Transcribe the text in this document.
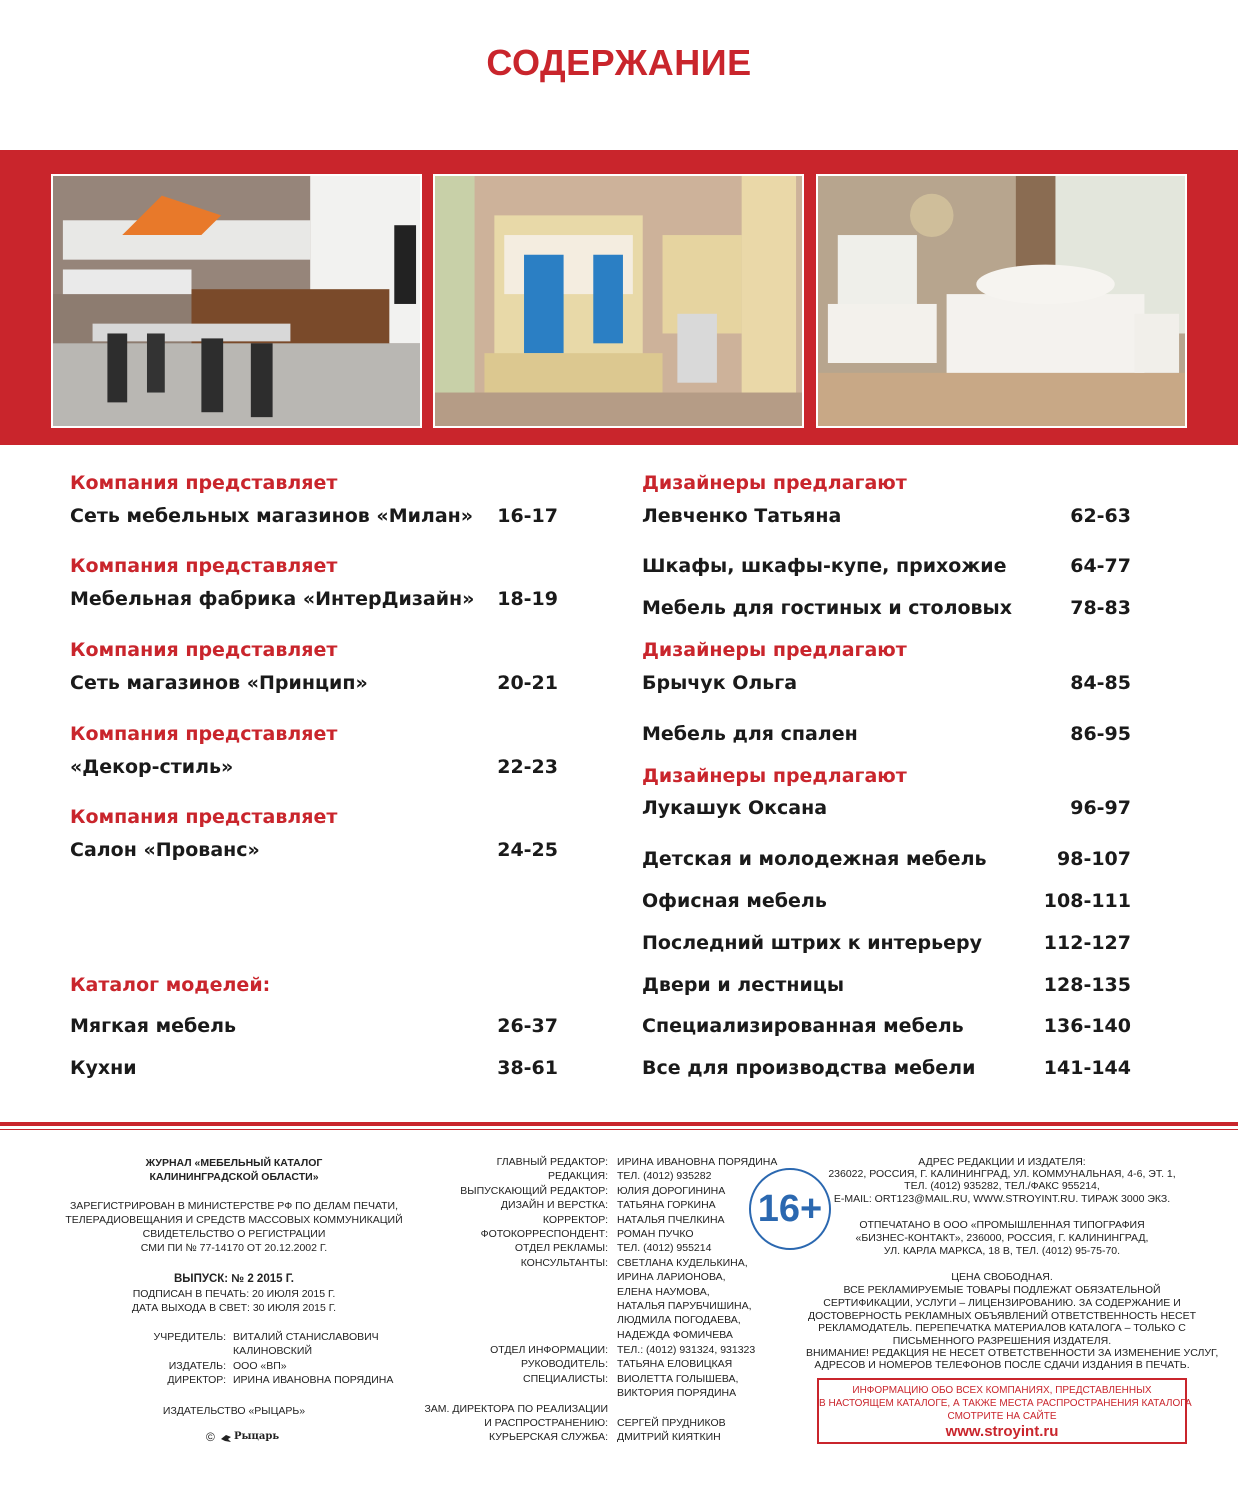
СОДЕРЖАНИЕ
Компания представляет
Сеть мебельных магазинов «Милан»	16-17
Компания представляет
Мебельная фабрика «ИнтерДизайн»	18-19
Компания представляет
Сеть магазинов «Принцип»	20-21
Компания представляет
«Декор-стиль»	22-23
Компания представляет
Салон «Прованс»	24-25
Каталог моделей:
Мягкая мебель	26-37
Кухни	38-61
Дизайнеры предлагают
Левченко Татьяна	62-63
Шкафы, шкафы-купе, прихожие	64-77
Мебель для гостиных и столовых	78-83
Дизайнеры предлагают
Брычук Ольга	84-85
Мебель для спален	86-95
Дизайнеры предлагают
Лукашук Оксана	96-97
Детская и молодежная мебель	98-107
Офисная мебель	108-111
Последний штрих к интерьеру	112-127
Двери и лестницы	128-135
Специализированная мебель	136-140
Все для производства мебели	141-144
ЖУРНАЛ «МЕБЕЛЬНЫЙ КАТАЛОГ
КАЛИНИНГРАДСКОЙ ОБЛАСТИ»
ЗАРЕГИСТРИРОВАН В МИНИСТЕРСТВЕ РФ ПО ДЕЛАМ ПЕЧАТИ,
ТЕЛЕРАДИОВЕЩАНИЯ И СРЕДСТВ МАССОВЫХ КОММУНИКАЦИЙ
СВИДЕТЕЛЬСТВО О РЕГИСТРАЦИИ
СМИ ПИ № 77-14170 ОТ 20.12.2002 Г.
ВЫПУСК: № 2 2015 Г.
ПОДПИСАН В ПЕЧАТЬ: 20 ИЮЛЯ 2015 Г.
ДАТА ВЫХОДА В СВЕТ: 30 ИЮЛЯ 2015 Г.
УЧРЕДИТЕЛЬ: ВИТАЛИЙ СТАНИСЛАВОВИЧ
КАЛИНОВСКИЙ
ИЗДАТЕЛЬ: ООО «ВП»
ДИРЕКТОР: ИРИНА ИВАНОВНА ПОРЯДИНА
ИЗДАТЕЛЬСТВО «РЫЦАРЬ»
© Рыцарь
ГЛАВНЫЙ РЕДАКТОР: ИРИНА ИВАНОВНА ПОРЯДИНА
РЕДАКЦИЯ: ТЕЛ. (4012) 935282
ВЫПУСКАЮЩИЙ РЕДАКТОР: ЮЛИЯ ДОРОГИНИНА
ДИЗАЙН И ВЕРСТКА: ТАТЬЯНА ГОРКИНА
КОРРЕКТОР: НАТАЛЬЯ ПЧЕЛКИНА
ФОТОКОРРЕСПОНДЕНТ: РОМАН ПУЧКО
ОТДЕЛ РЕКЛАМЫ: ТЕЛ. (4012) 955214
КОНСУЛЬТАНТЫ: СВЕТЛАНА КУДЕЛЬКИНА,
ИРИНА ЛАРИОНОВА,
ЕЛЕНА НАУМОВА,
НАТАЛЬЯ ПАРУБЧИШИНА,
ЛЮДМИЛА ПОГОДАЕВА,
НАДЕЖДА ФОМИЧЕВА
ОТДЕЛ ИНФОРМАЦИИ: ТЕЛ.: (4012) 931324, 931323
РУКОВОДИТЕЛЬ: ТАТЬЯНА ЕЛОВИЦКАЯ
СПЕЦИАЛИСТЫ: ВИОЛЕТТА ГОЛЫШЕВА,
ВИКТОРИЯ ПОРЯДИНА
ЗАМ. ДИРЕКТОРА ПО РЕАЛИЗАЦИИ
И РАСПРОСТРАНЕНИЮ: СЕРГЕЙ ПРУДНИКОВ
КУРЬЕРСКАЯ СЛУЖБА: ДМИТРИЙ КИЯТКИН
16+
АДРЕС РЕДАКЦИИ И ИЗДАТЕЛЯ:
236022, РОССИЯ, Г. КАЛИНИНГРАД, УЛ. КОММУНАЛЬНАЯ, 4-6, ЭТ. 1,
ТЕЛ. (4012) 935282, ТЕЛ./ФАКС 955214,
E-MAIL: ORT123@MAIL.RU, WWW.STROYINT.RU. ТИРАЖ 3000 ЭКЗ.
ОТПЕЧАТАНО В ООО «ПРОМЫШЛЕННАЯ ТИПОГРАФИЯ
«БИЗНЕС-КОНТАКТ», 236000, РОССИЯ, Г. КАЛИНИНГРАД,
УЛ. КАРЛА МАРКСА, 18 В, ТЕЛ. (4012) 95-75-70.
ЦЕНА СВОБОДНАЯ.
ВСЕ РЕКЛАМИРУЕМЫЕ ТОВАРЫ ПОДЛЕЖАТ ОБЯЗАТЕЛЬНОЙ
СЕРТИФИКАЦИИ, УСЛУГИ – ЛИЦЕНЗИРОВАНИЮ. ЗА СОДЕРЖАНИЕ И
ДОСТОВЕРНОСТЬ РЕКЛАМНЫХ ОБЪЯВЛЕНИЙ ОТВЕТСТВЕННОСТЬ НЕСЕТ
РЕКЛАМОДАТЕЛЬ. ПЕРЕПЕЧАТКА МАТЕРИАЛОВ КАТАЛОГА – ТОЛЬКО С
ПИСЬМЕННОГО РАЗРЕШЕНИЯ ИЗДАТЕЛЯ.
ВНИМАНИЕ! РЕДАКЦИЯ НЕ НЕСЕТ ОТВЕТСТВЕННОСТИ ЗА ИЗМЕНЕНИЕ УСЛУГ,
АДРЕСОВ И НОМЕРОВ ТЕЛЕФОНОВ ПОСЛЕ СДАЧИ ИЗДАНИЯ В ПЕЧАТЬ.
ИНФОРМАЦИЮ ОБО ВСЕХ КОМПАНИЯХ, ПРЕДСТАВЛЕННЫХ
В НАСТОЯЩЕМ КАТАЛОГЕ, А ТАКЖЕ МЕСТА РАСПРОСТРАНЕНИЯ КАТАЛОГА
СМОТРИТЕ НА САЙТЕ
www.stroyint.ru
